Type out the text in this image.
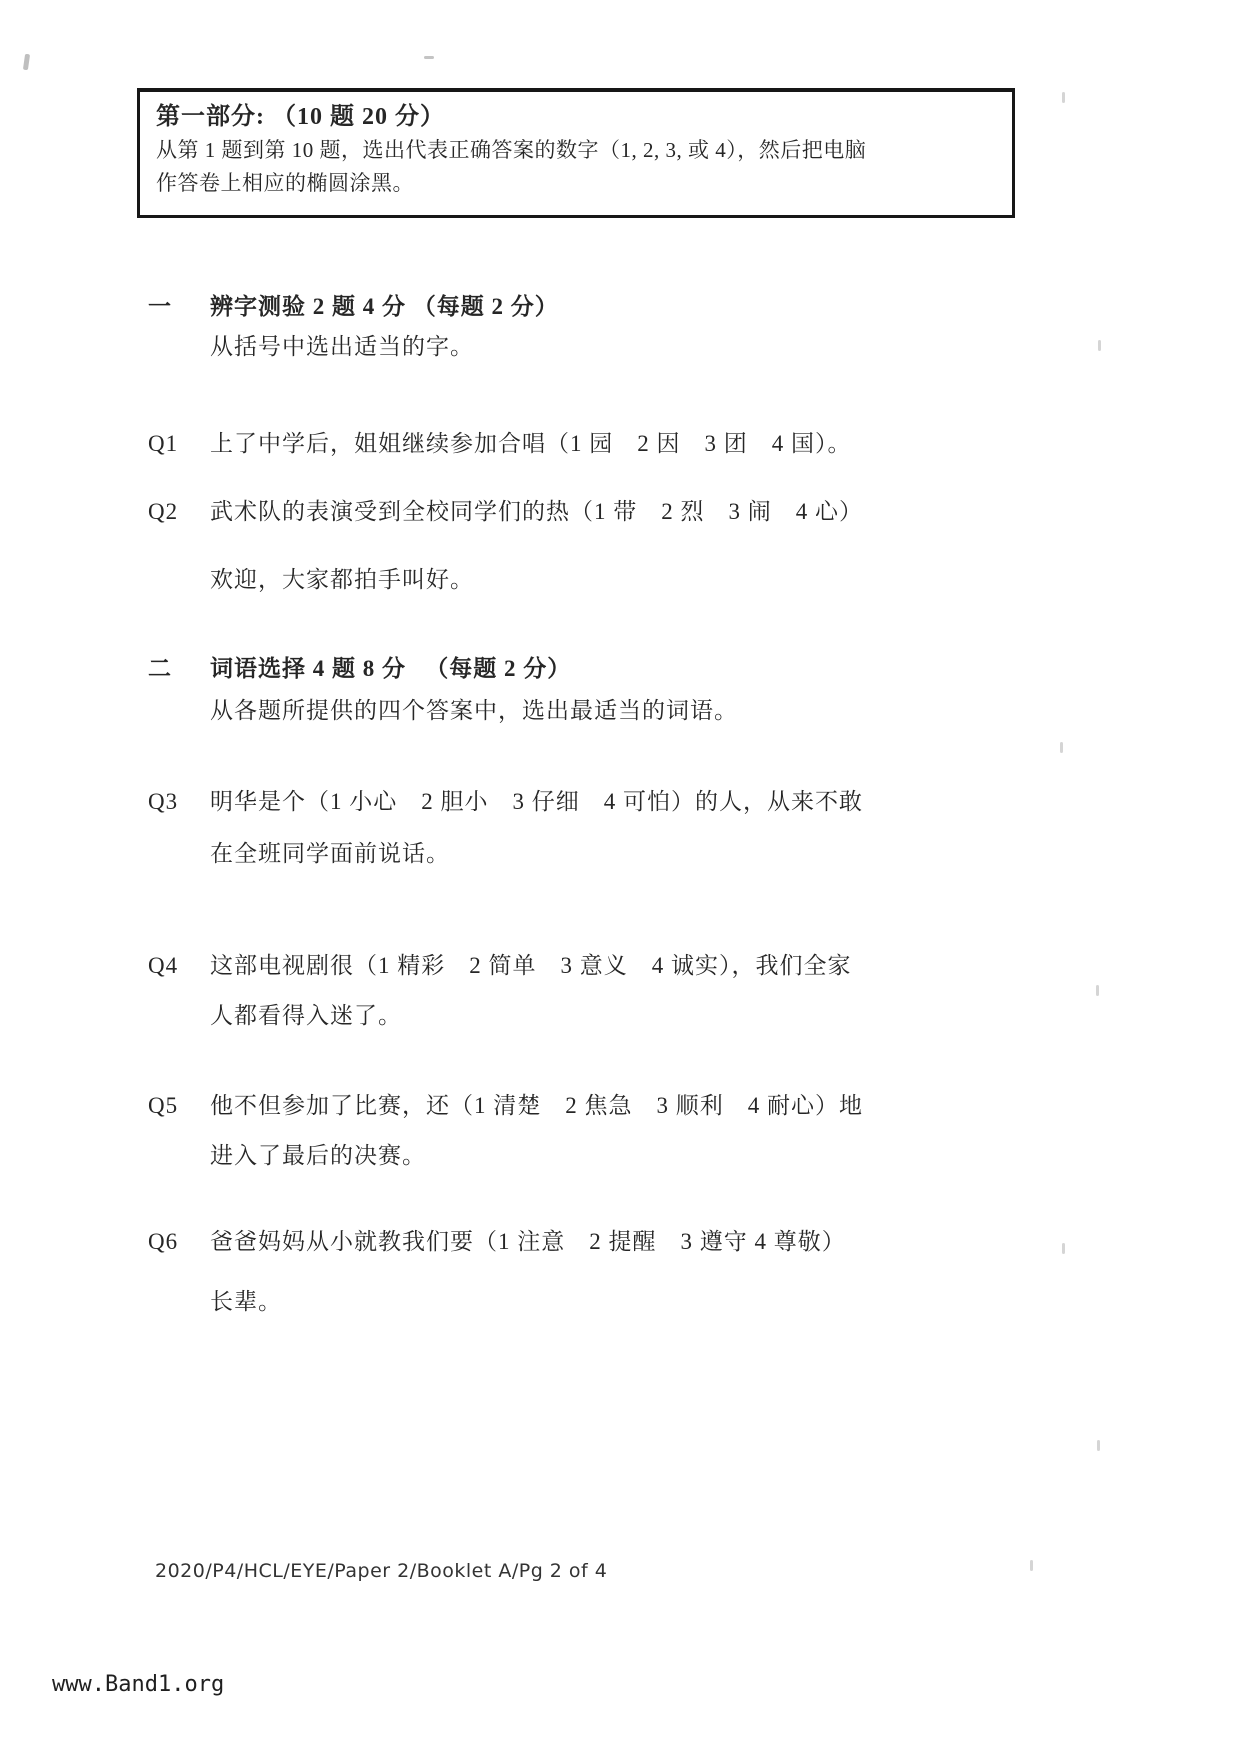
第一部分: （10 题 20 分）
从第 1 题到第 10 题，选出代表正确答案的数字（1, 2, 3, 或 4），然后把电脑
作答卷上相应的椭圆涂黑。
一	辨字测验 2 题 4 分 （每题 2 分）
从括号中选出适当的字。
Q1	上了中学后，姐姐继续参加合唱（1 园　2 因　3 团　4 国）。
Q2	武术队的表演受到全校同学们的热（1 带　2 烈　3 闹　4 心）
欢迎，大家都拍手叫好。
二	词语选择 4 题 8 分 　（每题 2 分）
从各题所提供的四个答案中，选出最适当的词语。
Q3	明华是个（1 小心　2 胆小　3 仔细　4 可怕）的人，从来不敢
在全班同学面前说话。
Q4	这部电视剧很（1 精彩　2 简单　3 意义　4 诚实），我们全家
人都看得入迷了。
Q5	他不但参加了比赛，还（1 清楚　2 焦急　3 顺利　4 耐心）地
进入了最后的决赛。
Q6	爸爸妈妈从小就教我们要（1 注意　2 提醒　3 遵守 4 尊敬）
长辈。
2020/P4/HCL/EYE/Paper 2/Booklet A/Pg 2 of 4
www.Band1.org
